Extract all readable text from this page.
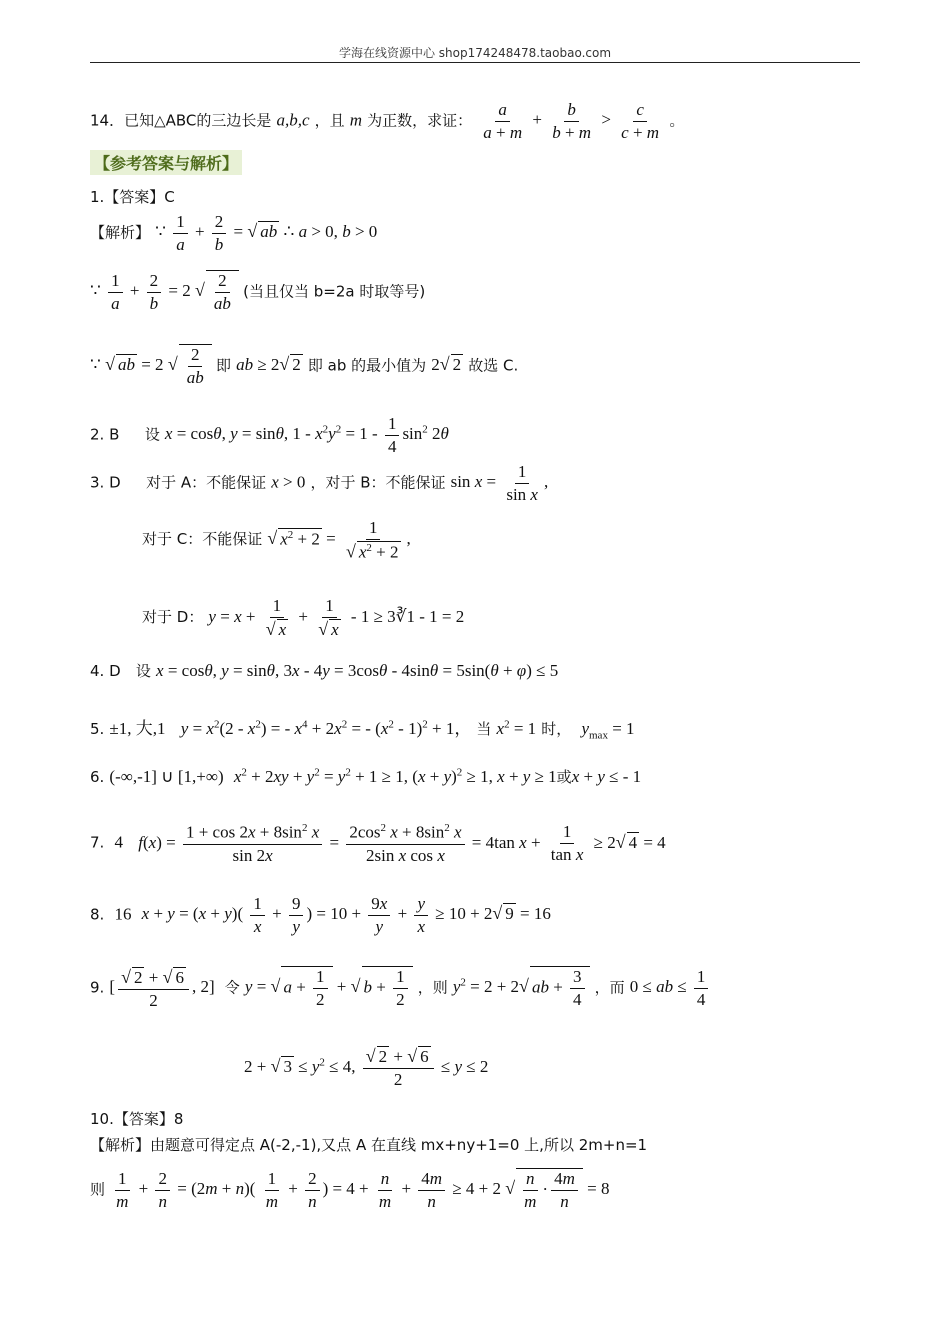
学海在线资源中心 shop174248478.taobao.com
14．已知△ABC的三边长是 a,b,c ，且 m 为正数，求证： $\frac{a}{a + m} + \frac{b}{b + m} > \frac{c}{c + m}$ 。
【参考答案与解析】
1.【答案】C
【解析】 ∵ $\frac{1}{a} + \frac{2}{b}$ = √ ab ∴ a > 0, b > 0
∵ $\frac{1}{a} + \frac{2}{b} = 2$ √ $\frac{2}{ab}$ (当且仅当 b=2a 时取等号)
∵ √ ab = 2 √ $\frac{2}{ab}$ 即 ab ≥ 2√ 2 即 ab 的最小值为 2√ 2 故选 C.
2. B 设 x = cosθ, y = sinθ, $1 - x^2y^2 = 1 - \frac{1}{4} \sin^2 2\theta$
3. D 对于 A：不能保证 x > 0 ，对于 B：不能保证 $\sin x = \frac{1}{\text{sin x}}$ ,
对于 C：不能保证 √ $x^2 + 2 = \frac{1}{√ x^2 + 2}$ ,
对于 D： $y = x + \frac{1}{√ x} + \frac{1}{√ x} - 1$ ≥ 3∛1 - 1 = 2
4. D 设 x = cosθ, y = sinθ, 3x - 4y = 3cosθ - 4sinθ = 5sin(θ + φ) ≤ 5
5. ±1, 大,1 $y = x^2(2 - x^2)$ = - $x^4 + 2x^2$ = - $(x^2 - 1)^2 + 1$， 当 $x^2 = 1$ 时， $y_{max} = 1$
6. (-∞,-1] ∪ [1,+∞) $x^2 + 2xy + y^2 = y^2 + 1 \ge 1$, $(x + y)^2 \ge 1$, x + y ≥ 1或x + y ≤ - 1
7. 4 $f(x) = \frac{1 + \cos 2x + 8\sin^2 x}{\sin 2x} = \frac{2\cos^2 x + 8\sin^2 x}{\text{2sin x cos x}} = 4\tan$ $x + \frac{1}{\text{tan x}} \ge 2√$ 4 = 4
8. 16 $x + y = (x + y)( \frac{1}{x} + \frac{9}{y}$ ) = $10 + \frac{9x}{y} + \frac{y}{x} \ge 10 + 2√$ 9 = 16
9. [ $\frac{√ 2 + √ 6}{2}$ , 2] 令 y = √ $a + \frac{1}{2}$ + √ $b + \frac{1}{2}$ ，则 $y^2 = 2 + 2√$ ab + $\frac{3}{4}$ ，而 0 ≤ ab ≤ $\frac{1}{4}$
2 + √ $3 \le y^2 \le 4$, $\frac{√ 2 + √ 6}{2} \le y \le 2$
10.【答案】8
【解析】由题意可得定点 A(-2,-1),又点 A 在直线 mx+ny+1=0 上,所以 2m+n=1
则 $\frac{1}{m} + \frac{2}{n} = (2m + n)( \frac{1}{m} + \frac{2}{n}$ ) = $4 + \frac{n}{m} + \frac{4m}{n} \ge 4 + 2$ √ $\frac{n}{m} \cdot \frac{4m}{n} = 8$
